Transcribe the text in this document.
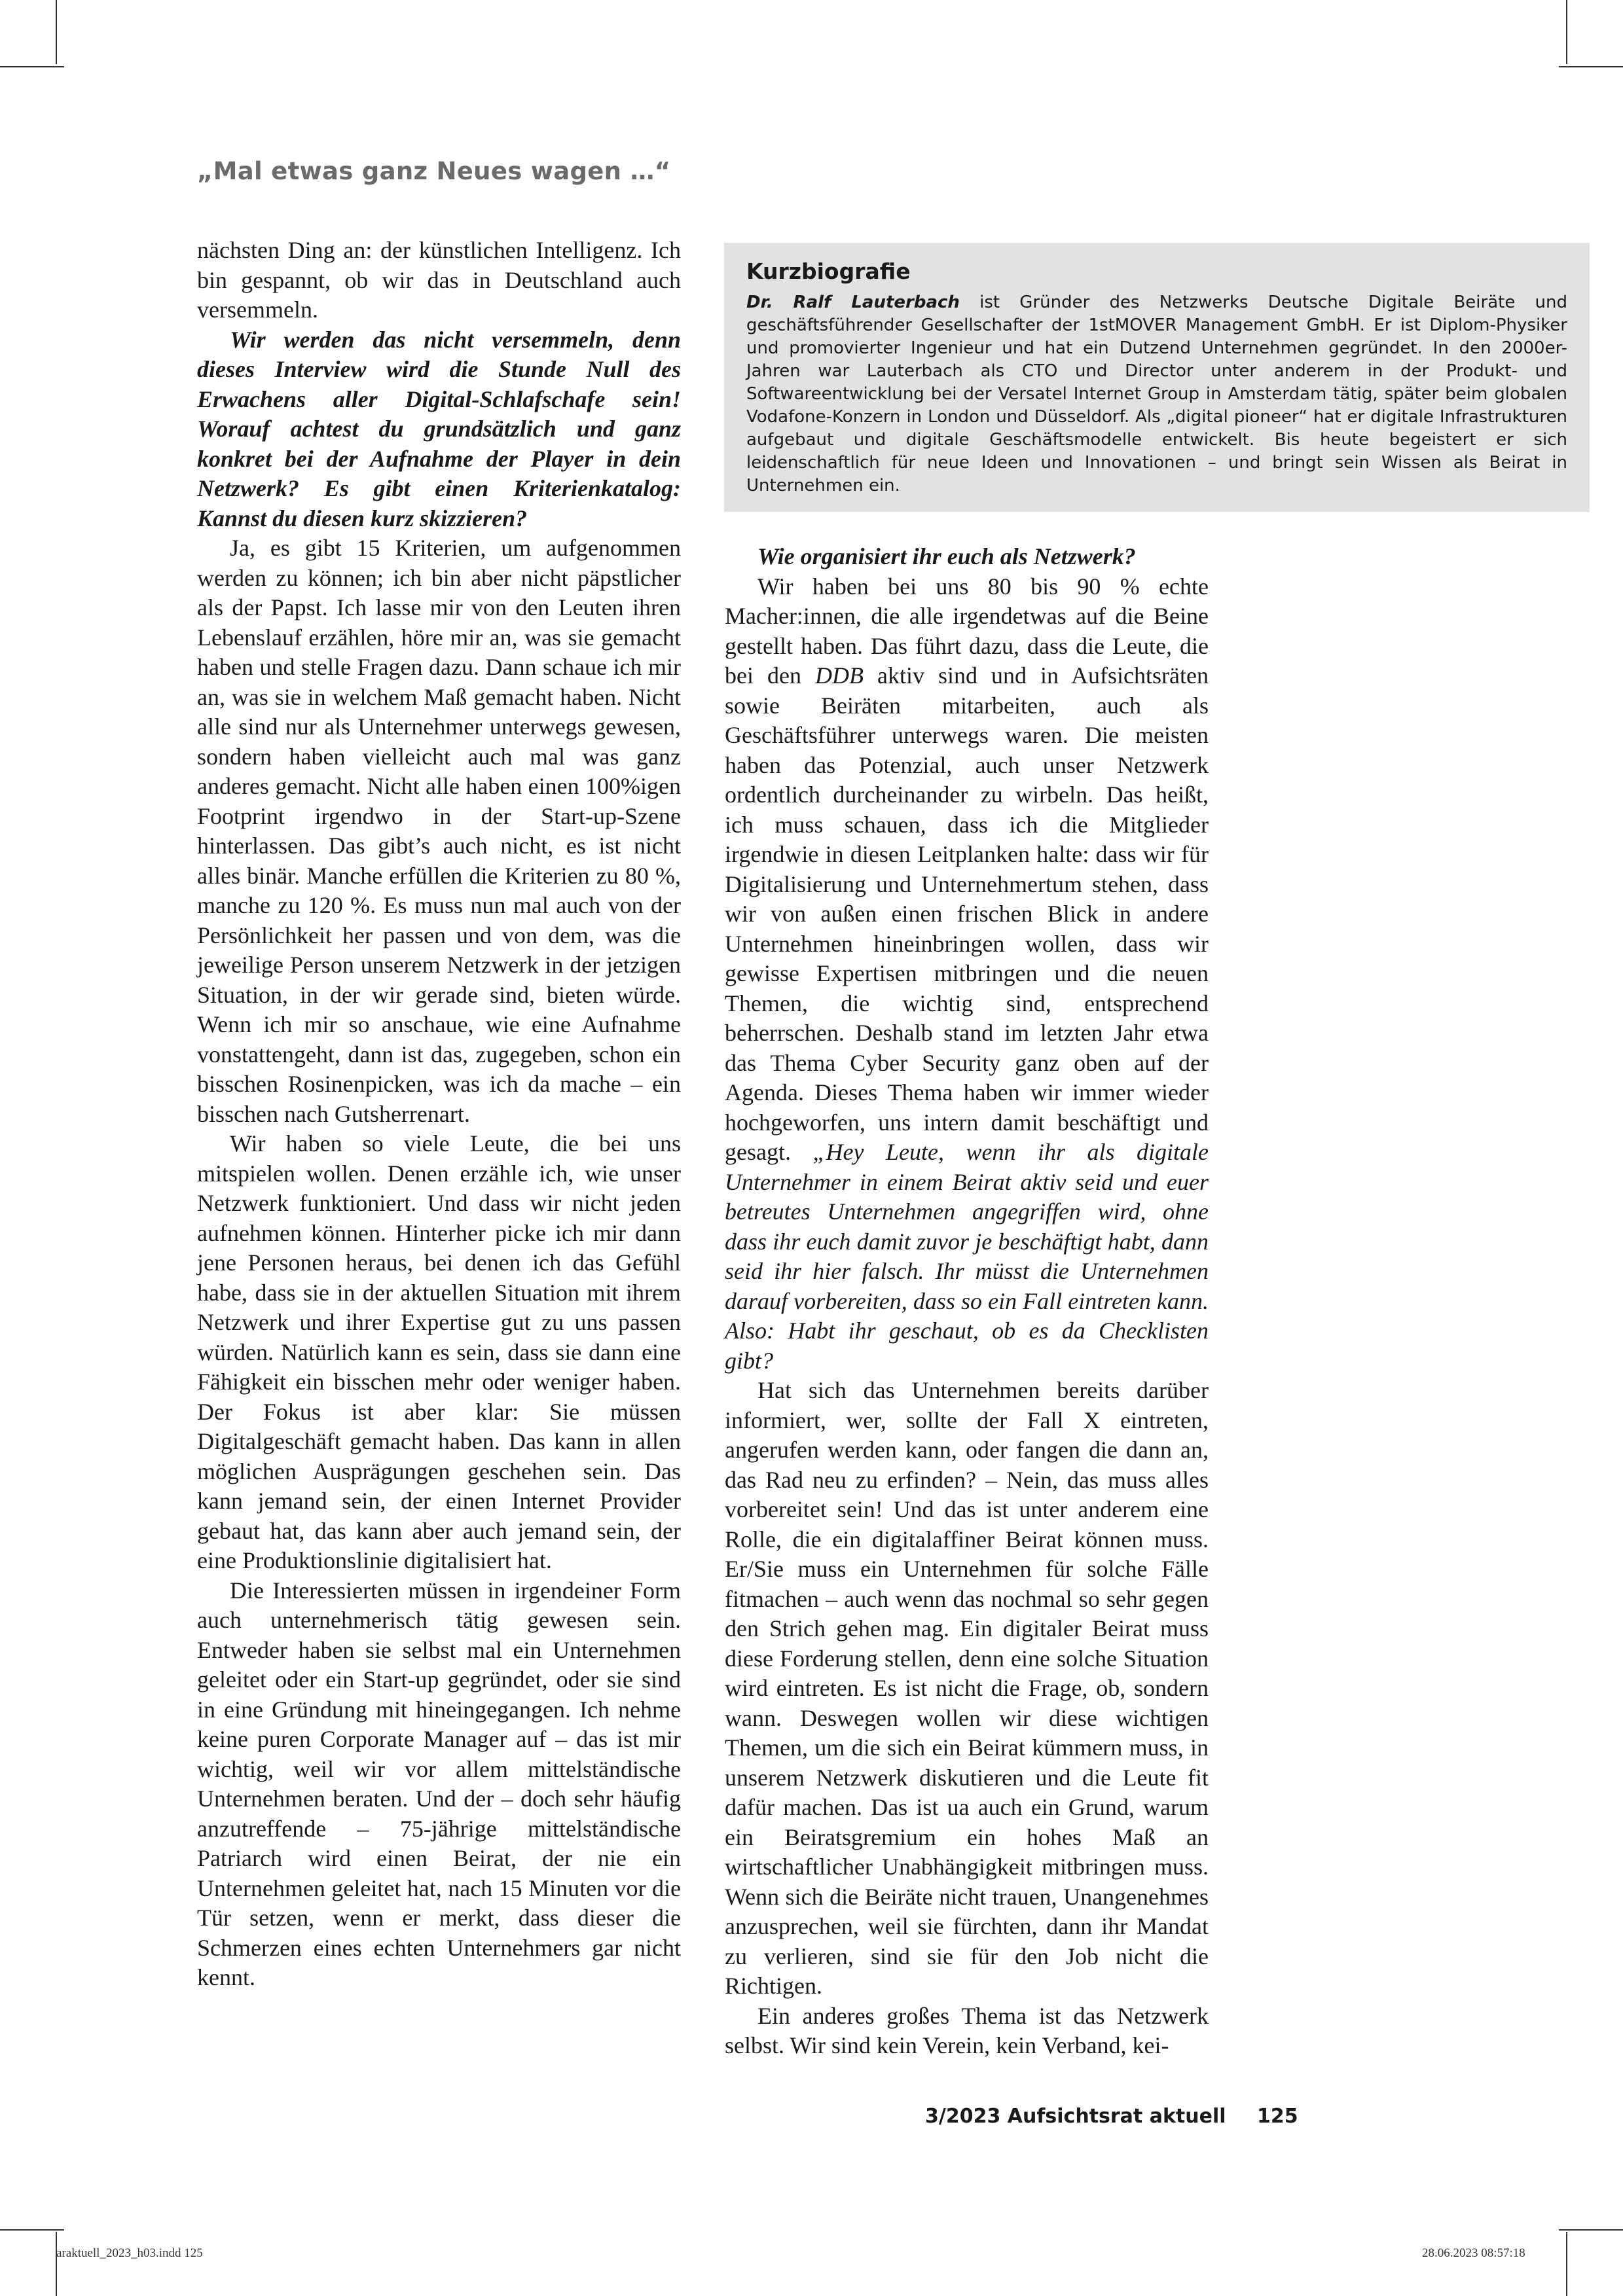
„Mal etwas ganz Neues wagen …“

nächsten Ding an: der künstlichen Intelligenz. Ich bin gespannt, ob wir das in Deutschland auch versemmeln.

Wir werden das nicht versemmeln, denn dieses Interview wird die Stunde Null des Erwachens aller Digital-Schlafschafe sein! Worauf achtest du grundsätzlich und ganz konkret bei der Aufnahme der Player in dein Netzwerk? Es gibt einen Kriterienkatalog: Kannst du diesen kurz skizzieren?

Ja, es gibt 15 Kriterien, um aufgenommen werden zu können; ich bin aber nicht päpstlicher als der Papst. Ich lasse mir von den Leuten ihren Lebenslauf erzählen, höre mir an, was sie gemacht haben und stelle Fragen dazu. Dann schaue ich mir an, was sie in welchem Maß gemacht haben. Nicht alle sind nur als Unternehmer unterwegs gewesen, sondern haben vielleicht auch mal was ganz anderes gemacht. Nicht alle haben einen 100%igen Footprint irgendwo in der Start-up-Szene hinterlassen. Das gibt’s auch nicht, es ist nicht alles binär. Manche erfüllen die Kriterien zu 80 %, manche zu 120 %. Es muss nun mal auch von der Persönlichkeit her passen und von dem, was die jeweilige Person unserem Netzwerk in der jetzigen Situation, in der wir gerade sind, bieten würde. Wenn ich mir so anschaue, wie eine Aufnahme vonstattengeht, dann ist das, zugegeben, schon ein bisschen Rosinenpicken, was ich da mache – ein bisschen nach Gutsherrenart.

Wir haben so viele Leute, die bei uns mitspielen wollen. Denen erzähle ich, wie unser Netzwerk funktioniert. Und dass wir nicht jeden aufnehmen können. Hinterher picke ich mir dann jene Personen heraus, bei denen ich das Gefühl habe, dass sie in der aktuellen Situation mit ihrem Netzwerk und ihrer Expertise gut zu uns passen würden. Natürlich kann es sein, dass sie dann eine Fähigkeit ein bisschen mehr oder weniger haben. Der Fokus ist aber klar: Sie müssen Digitalgeschäft gemacht haben. Das kann in allen möglichen Ausprägungen geschehen sein. Das kann jemand sein, der einen Internet Provider gebaut hat, das kann aber auch jemand sein, der eine Produktionslinie digitalisiert hat.

Die Interessierten müssen in irgendeiner Form auch unternehmerisch tätig gewesen sein. Entweder haben sie selbst mal ein Unternehmen geleitet oder ein Start-up gegründet, oder sie sind in eine Gründung mit hineingegangen. Ich nehme keine puren Corporate Manager auf – das ist mir wichtig, weil wir vor allem mittelständische Unternehmen beraten. Und der – doch sehr häufig anzutreffende – 75-jährige mittelständische Patriarch wird einen Beirat, der nie ein Unternehmen geleitet hat, nach 15 Minuten vor die Tür setzen, wenn er merkt, dass dieser die Schmerzen eines echten Unternehmers gar nicht kennt.

Kurzbiografie

Dr. Ralf Lauterbach ist Gründer des Netzwerks Deutsche Digitale Beiräte und geschäftsführender Gesellschafter der 1stMOVER Management GmbH. Er ist Diplom-Physiker und promovierter Ingenieur und hat ein Dutzend Unternehmen gegründet. In den 2000er-Jahren war Lauterbach als CTO und Director unter anderem in der Produkt- und Softwareentwicklung bei der Versatel Internet Group in Amsterdam tätig, später beim globalen Vodafone-Konzern in London und Düsseldorf. Als „digital pioneer“ hat er digitale Infrastrukturen aufgebaut und digitale Geschäftsmodelle entwickelt. Bis heute begeistert er sich leidenschaftlich für neue Ideen und Innovationen – und bringt sein Wissen als Beirat in Unternehmen ein.

Wie organisiert ihr euch als Netzwerk?

Wir haben bei uns 80 bis 90 % echte Macher:innen, die alle irgendetwas auf die Beine gestellt haben. Das führt dazu, dass die Leute, die bei den DDB aktiv sind und in Aufsichtsräten sowie Beiräten mitarbeiten, auch als Geschäftsführer unterwegs waren. Die meisten haben das Potenzial, auch unser Netzwerk ordentlich durcheinander zu wirbeln. Das heißt, ich muss schauen, dass ich die Mitglieder irgendwie in diesen Leitplanken halte: dass wir für Digitalisierung und Unternehmertum stehen, dass wir von außen einen frischen Blick in andere Unternehmen hineinbringen wollen, dass wir gewisse Expertisen mitbringen und die neuen Themen, die wichtig sind, entsprechend beherrschen. Deshalb stand im letzten Jahr etwa das Thema Cyber Security ganz oben auf der Agenda. Dieses Thema haben wir immer wieder hochgeworfen, uns intern damit beschäftigt und gesagt. „Hey Leute, wenn ihr als digitale Unternehmer in einem Beirat aktiv seid und euer betreutes Unternehmen angegriffen wird, ohne dass ihr euch damit zuvor je beschäftigt habt, dann seid ihr hier falsch. Ihr müsst die Unternehmen darauf vorbereiten, dass so ein Fall eintreten kann. Also: Habt ihr geschaut, ob es da Checklisten gibt?

Hat sich das Unternehmen bereits darüber informiert, wer, sollte der Fall X eintreten, angerufen werden kann, oder fangen die dann an, das Rad neu zu erfinden? – Nein, das muss alles vorbereitet sein! Und das ist unter anderem eine Rolle, die ein digitalaffiner Beirat können muss. Er/Sie muss ein Unternehmen für solche Fälle fitmachen – auch wenn das nochmal so sehr gegen den Strich gehen mag. Ein digitaler Beirat muss diese Forderung stellen, denn eine solche Situation wird eintreten. Es ist nicht die Frage, ob, sondern wann. Deswegen wollen wir diese wichtigen Themen, um die sich ein Beirat kümmern muss, in unserem Netzwerk diskutieren und die Leute fit dafür machen. Das ist ua auch ein Grund, warum ein Beiratsgremium ein hohes Maß an wirtschaftlicher Unabhängigkeit mitbringen muss. Wenn sich die Beiräte nicht trauen, Unangenehmes anzusprechen, weil sie fürchten, dann ihr Mandat zu verlieren, sind sie für den Job nicht die Richtigen.

Ein anderes großes Thema ist das Netzwerk selbst. Wir sind kein Verein, kein Verband, kei-

3/2023 Aufsichtsrat aktuell 125
araktuell_2023_h03.indd 125	28.06.2023 08:57:18
